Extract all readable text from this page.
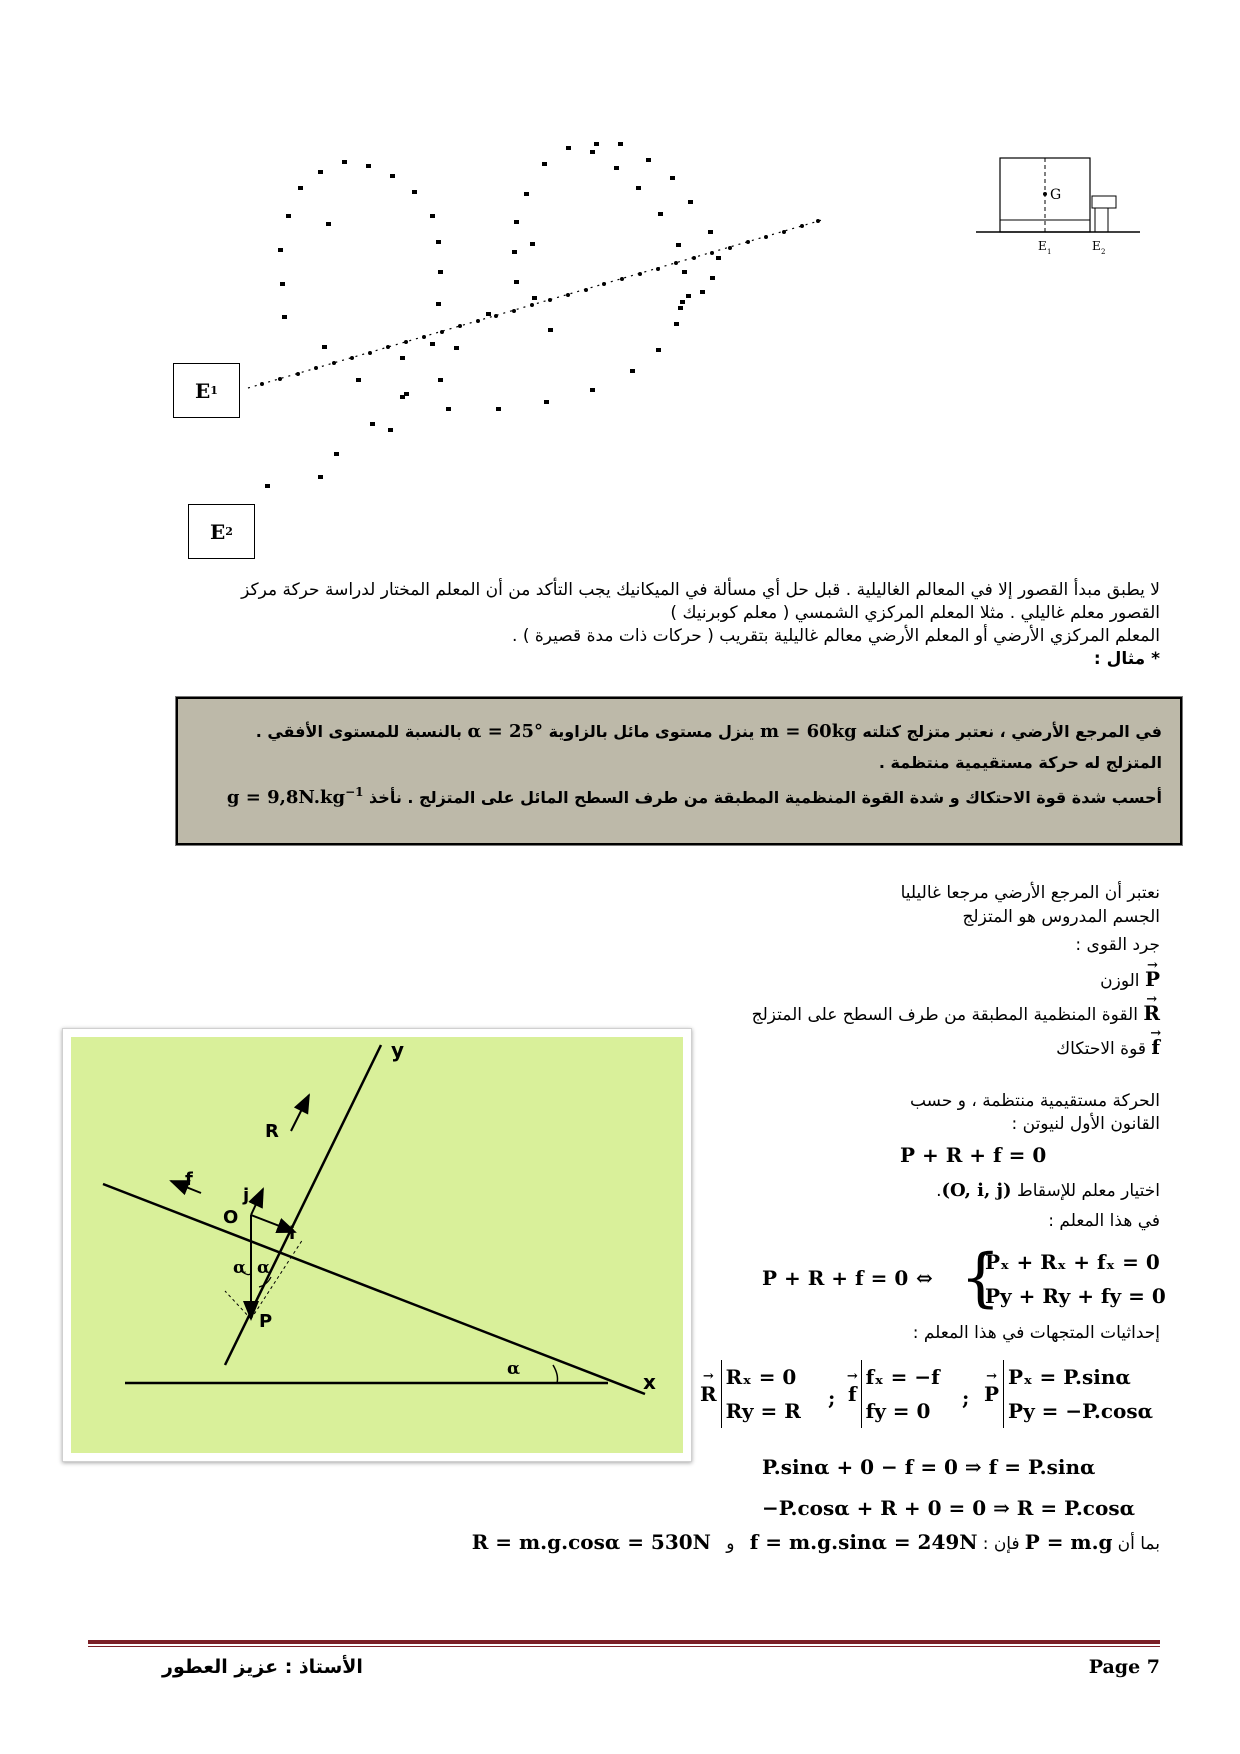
E 1
E 2
G
E 1	E 2
لا يطبق مبدأ القصور إلا في المعالم الغاليلية . قبل حل أي مسألة في الميكانيك يجب التأكد من أن المعلم المختار لدراسة حركة مركز
القصور معلم غاليلي . مثلا المعلم المركزي الشمسي ( معلم كوبرنيك )
المعلم المركزي الأرضي أو المعلم الأرضي معالم غاليلية بتقريب ( حركات ذات مدة قصيرة ) .
* مثال :
في المرجع الأرضي ، نعتبر متزلج كتلته m = 60kg ينزل مستوى مائل بالزاوية α = 25° بالنسبة للمستوى الأفقي .
المتزلج له حركة مستقيمية منتظمة .
أحسب شدة قوة الاحتكاك و شدة القوة المنظمية المطبقة من طرف السطح المائل على المتزلج . نأخذ $g = 9,8N.kg^{-1}$
نعتبر أن المرجع الأرضي مرجعا غاليليا
الجسم المدروس هو المتزلج
جرد القوى :
→ P الوزن
→ R القوة المنظمية المطبقة من طرف السطح على المتزلج
→ f قوة الاحتكاك
الحركة مستقيمية منتظمة ، و حسب
القانون الأول لنيوتن :
P + R + f = 0
اختيار معلم للإسقاط (O, i, j).
في هذا المعلم :
P + R + f = 0 ⇔ {
Pₓ + Rₓ + fₓ = 0
Py + Ry + fy = 0
إحداثيات المتجهات في هذا المعلم :
→ R
Rₓ = 0
Ry = R
; → f
fₓ = −f
fy = 0
; → P
Pₓ = P.sinα
Py = −P.cosα
P.sinα + 0 − f = 0 ⇒ f = P.sinα
−P.cosα + R + 0 = 0 ⇒ R = P.cosα
بما أن P = m.g فإن : f = m.g.sinα = 249N   و   R = m.g.cosα = 530N
y
x
O
R
f
j
i
P
α α
α
الأستاذ : عزيز العطور	Page 7
